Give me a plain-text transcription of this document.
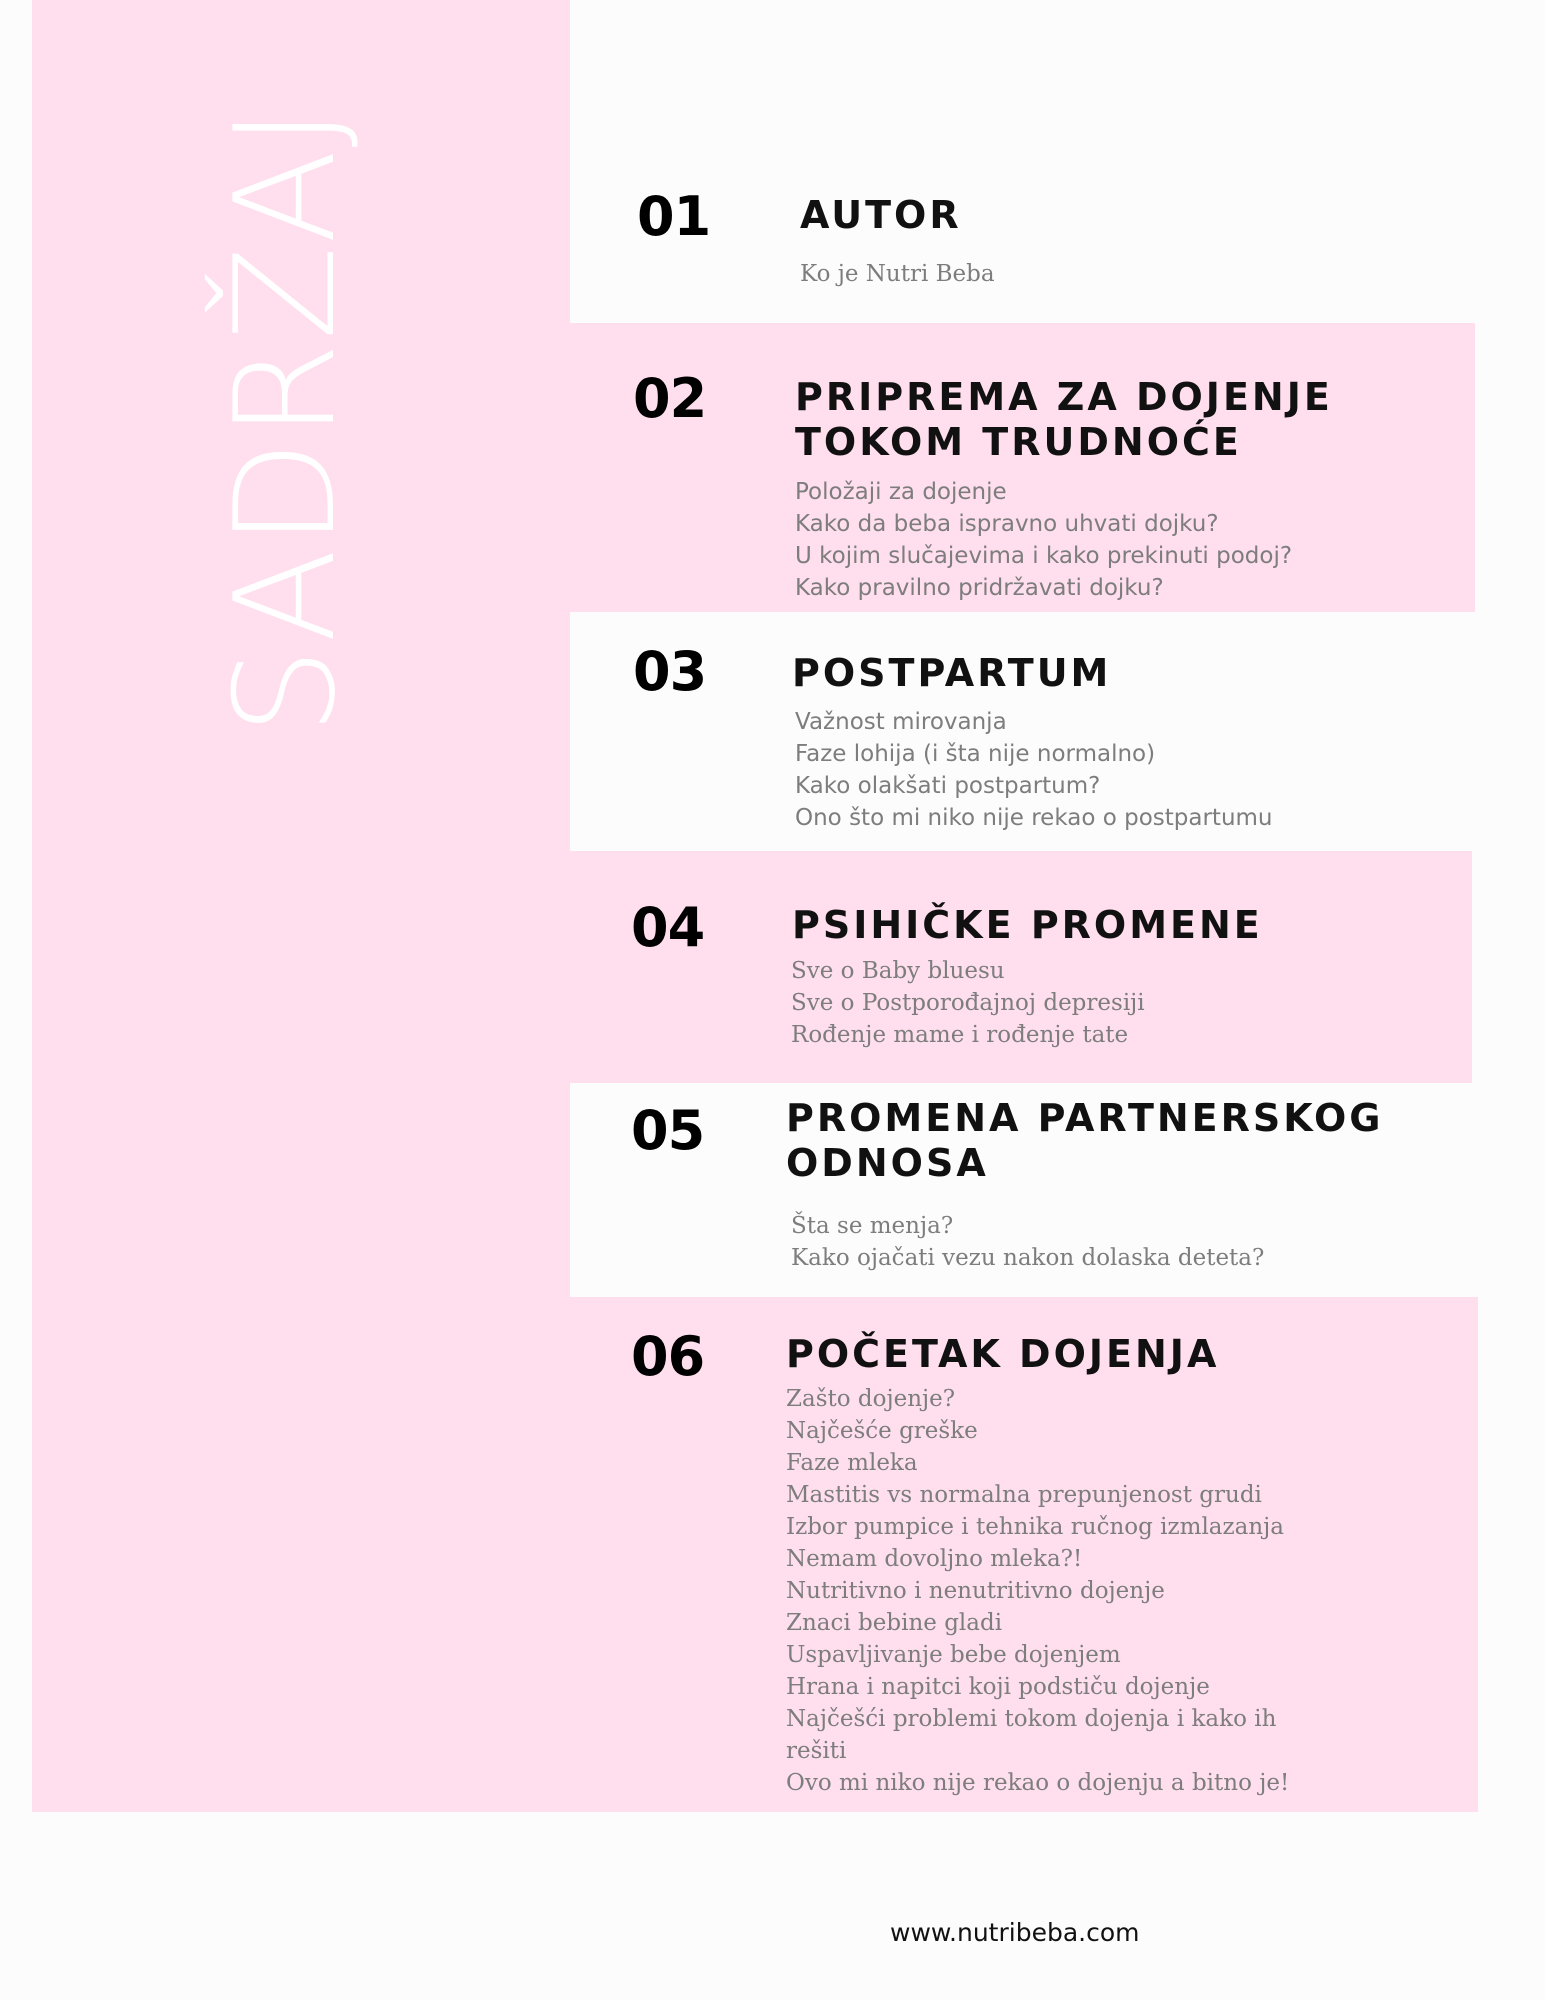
SADRŽAJ	01 AUTOR
Ko je Nutri Beba
02 PRIPREMA ZA DOJENJE
TOKOM TRUDNOĆE
Položaji za dojenje
Kako da beba ispravno uhvati dojku?
U kojim slučajevima i kako prekinuti podoj?
Kako pravilno pridržavati dojku?
03 POSTPARTUM
Važnost mirovanja
Faze lohija (i šta nije normalno)
Kako olakšati postpartum?
Ono što mi niko nije rekao o postpartumu
04 PSIHIČKE PROMENE
Sve o Baby bluesu
Sve o Postporođajnoj depresiji
Rođenje mame i rođenje tate
05 PROMENA PARTNERSKOG
ODNOSA
Šta se menja?
Kako ojačati vezu nakon dolaska deteta?
06 POČETAK DOJENJA
Zašto dojenje?
Najčešće greške
Faze mleka
Mastitis vs normalna prepunjenost grudi
Izbor pumpice i tehnika ručnog izmlazanja
Nemam dovoljno mleka?!
Nutritivno i nenutritivno dojenje
Znaci bebine gladi
Uspavljivanje bebe dojenjem
Hrana i napitci koji podstiču dojenje
Najčešći problemi tokom dojenja i kako ih rešiti
Ovo mi niko nije rekao o dojenju a bitno je!
www.nutribeba.com
